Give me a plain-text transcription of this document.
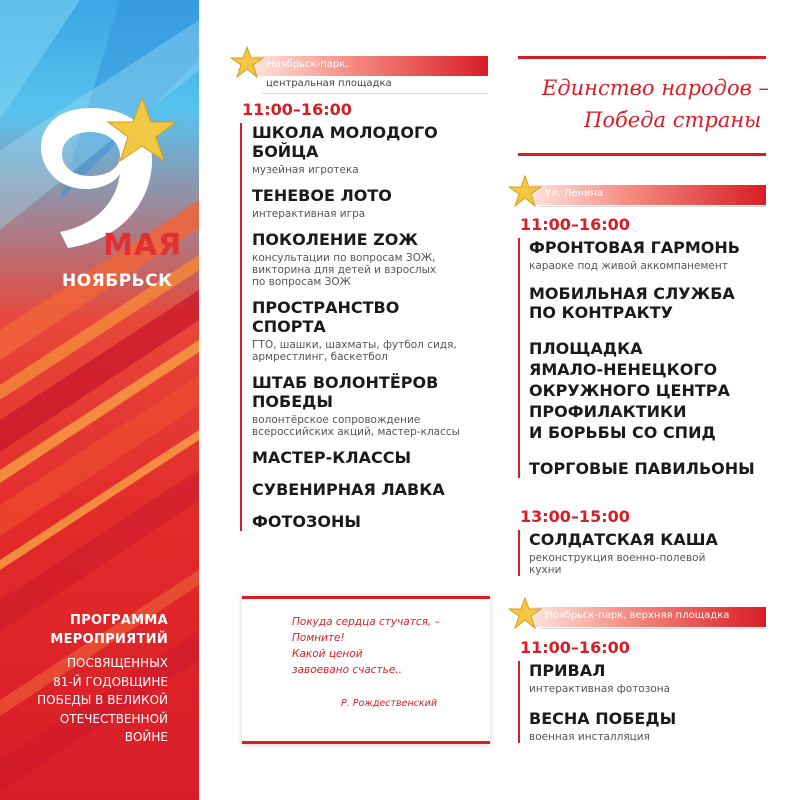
МАЯ
НОЯБРЬСК
ПРОГРАММА
МЕРОПРИЯТИЙ
ПОСВЯЩЕННЫХ
81-Й ГОДОВЩИНЕ
ПОБЕДЫ В ВЕЛИКОЙ
ОТЕЧЕСТВЕННОЙ
ВОЙНЕ
Ноябрьск-парк,
центральная площадка
11:00–16:00
ШКОЛА МОЛОДОГО
БОЙЦА
музейная игротека
ТЕНЕВОЕ ЛОТО
интерактивная игра
ПОКОЛЕНИЕ ZОЖ
консультации по вопросам ЗОЖ,
викторина для детей и взрослых
по вопросам ЗОЖ
ПРОСТРАНСТВО
СПОРТА
ГТО, шашки, шахматы, футбол сидя,
армрестлинг, баскетбол
ШТАБ ВОЛОНТЁРОВ
ПОБЕДЫ
волонтёрское сопровождение
всероссийских акций, мастер-классы
МАСТЕР-КЛАССЫ
СУВЕНИРНАЯ ЛАВКА
ФОТОЗОНЫ
Покуда сердца стучатся, –
Помните!
Какой ценой
завоевано счастье..
Р. Рождественский
Единство народов –
Победа страны
Ул. Ленина
11:00–16:00
ФРОНТОВАЯ ГАРМОНЬ
караоке под живой аккомпанемент
МОБИЛЬНАЯ СЛУЖБА
ПО КОНТРАКТУ
ПЛОЩАДКА
ЯМАЛО-НЕНЕЦКОГО
ОКРУЖНОГО ЦЕНТРА
ПРОФИЛАКТИКИ
И БОРЬБЫ СО СПИД
ТОРГОВЫЕ ПАВИЛЬОНЫ
13:00–15:00
СОЛДАТСКАЯ КАША
реконструкция военно-полевой
кухни
Ноябрьск-парк, верхняя площадка
11:00–16:00
ПРИВАЛ
интерактивная фотозона
ВЕСНА ПОБЕДЫ
военная инсталляция
